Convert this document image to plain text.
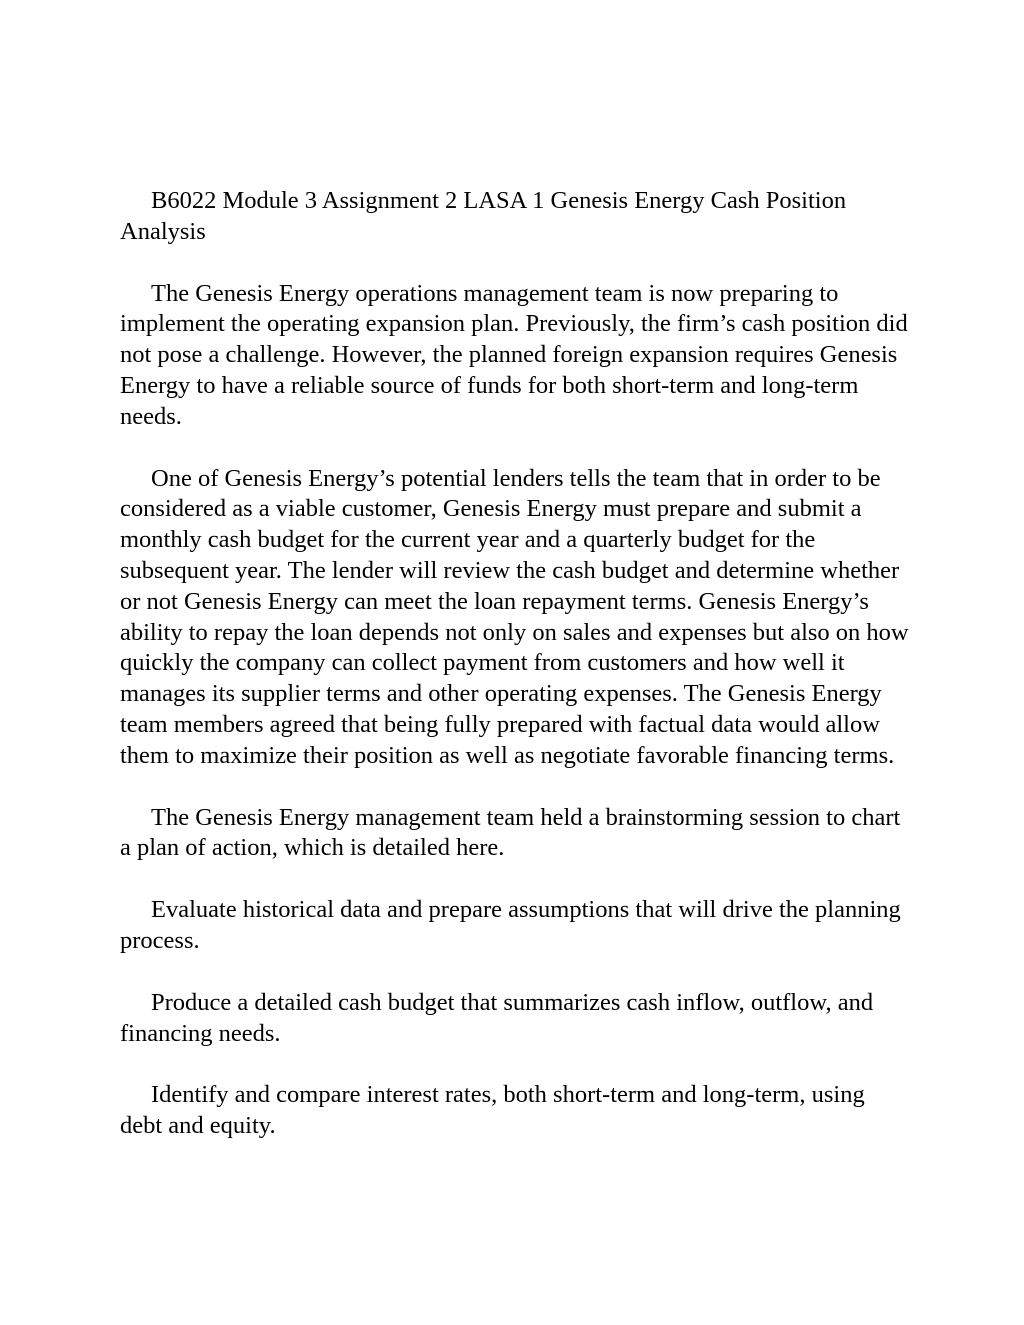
B6022 Module 3 Assignment 2 LASA 1 Genesis Energy Cash Position Analysis

The Genesis Energy operations management team is now preparing to implement the operating expansion plan. Previously, the firm’s cash position did not pose a challenge. However, the planned foreign expansion requires Genesis Energy to have a reliable source of funds for both short-term and long-term needs.

One of Genesis Energy’s potential lenders tells the team that in order to be considered as a viable customer, Genesis Energy must prepare and submit a monthly cash budget for the current year and a quarterly budget for the subsequent year. The lender will review the cash budget and determine whether or not Genesis Energy can meet the loan repayment terms. Genesis Energy’s ability to repay the loan depends not only on sales and expenses but also on how quickly the company can collect payment from customers and how well it manages its supplier terms and other operating expenses. The Genesis Energy team members agreed that being fully prepared with factual data would allow them to maximize their position as well as negotiate favorable financing terms.

The Genesis Energy management team held a brainstorming session to chart a plan of action, which is detailed here.

Evaluate historical data and prepare assumptions that will drive the planning process.

Produce a detailed cash budget that summarizes cash inflow, outflow, and financing needs.

Identify and compare interest rates, both short-term and long-term, using debt and equity.
